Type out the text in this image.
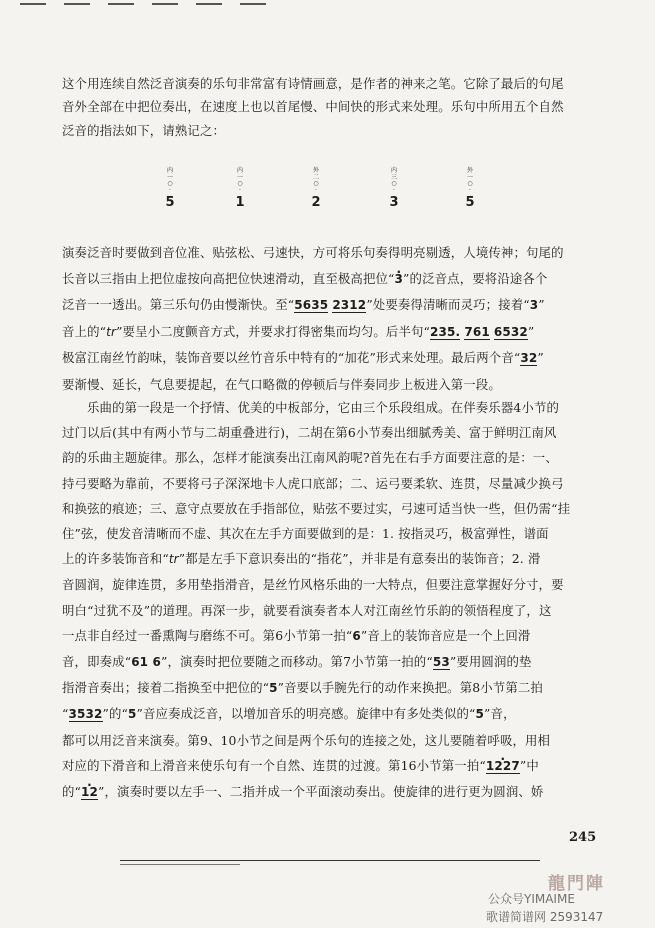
这个用连续自然泛音演奏的乐句非常富有诗情画意，是作者的神来之笔。它除了最后的句尾
音外全部在中把位奏出，在速度上也以首尾慢、中间快的形式来处理。乐句中所用五个自然
泛音的指法如下，请熟记之：
内
一
○
·
5
内
一
○
·
1
外
二
○
·
2
内
三
○
·
3
外
一
○
·
5
演奏泛音时要做到音位准、贴弦松、弓速快，方可将乐句奏得明亮剔透，人境传神；句尾的
长音以三指由上把位虚按向高把位快速滑动，直至极高把位“· 3”的泛音点，要将沿途各个
泛音一一透出。第三乐句仍由慢渐快。至“5635 2312”处要奏得清晰而灵巧；接着“3”
音上的“tr”要呈小二度颤音方式，并要求打得密集而均匀。后半句“235. 761 6532”
极富江南丝竹韵味，装饰音要以丝竹音乐中特有的“加花”形式来处理。最后两个音“32”
要渐慢、延长，气息要提起，在气口略微的停顿后与伴奏同步上板进入第一段。
乐曲的第一段是一个抒情、优美的中板部分，它由三个乐段组成。在伴奏乐器4小节的
过门以后(其中有两小节与二胡重叠进行)，二胡在第6小节奏出细腻秀美、富于鲜明江南风
韵的乐曲主题旋律。那么，怎样才能演奏出江南风韵呢?首先在右手方面要注意的是：一、
持弓要略为靠前，不要将弓子深深地卡人虎口底部；二、运弓要柔软、连贯，尽量减少换弓
和换弦的痕迹；三、意守点要放在手指部位，贴弦不要过实，弓速可适当快一些，但仍需“挂
住”弦，使发音清晰而不虚、其次在左手方面要做到的是：1. 按指灵巧，极富弹性，谱面
上的许多装饰音和“tr”都是左手下意识奏出的“指花”，并非是有意奏出的装饰音；2. 滑
音圆润，旋律连贯，多用垫指滑音，是丝竹风格乐曲的一大特点，但要注意掌握好分寸，要
明白“过犹不及”的道理。再深一步，就要看演奏者本人对江南丝竹乐韵的领悟程度了，这
一点非自经过一番熏陶与磨练不可。第6小节第一拍“6”音上的装饰音应是一个上回滑
音，即奏成“61 6”，演奏时把位要随之而移动。第7小节第一拍的“53”要用圆润的垫
指滑音奏出；接着二指换至中把位的“5”音要以手腕先行的动作来换把。第8小节第二拍
“3532”的“5”音应奏成泛音，以增加音乐的明亮感。旋律中有多处类似的“5”音，
都可以用泛音来演奏。第9、10小节之间是两个乐句的连接之处，这儿要随着呼吸，用相
对应的下滑音和上滑音来使乐句有一个自然、连贯的过渡。第16小节第一拍“· 1227”中
的“· 12”，演奏时要以左手一、二指并成一个平面滚动奏出。使旋律的进行更为圆润、娇
245
龍門陣
公众号YIMAIME
歌谱简谱网 2593147
